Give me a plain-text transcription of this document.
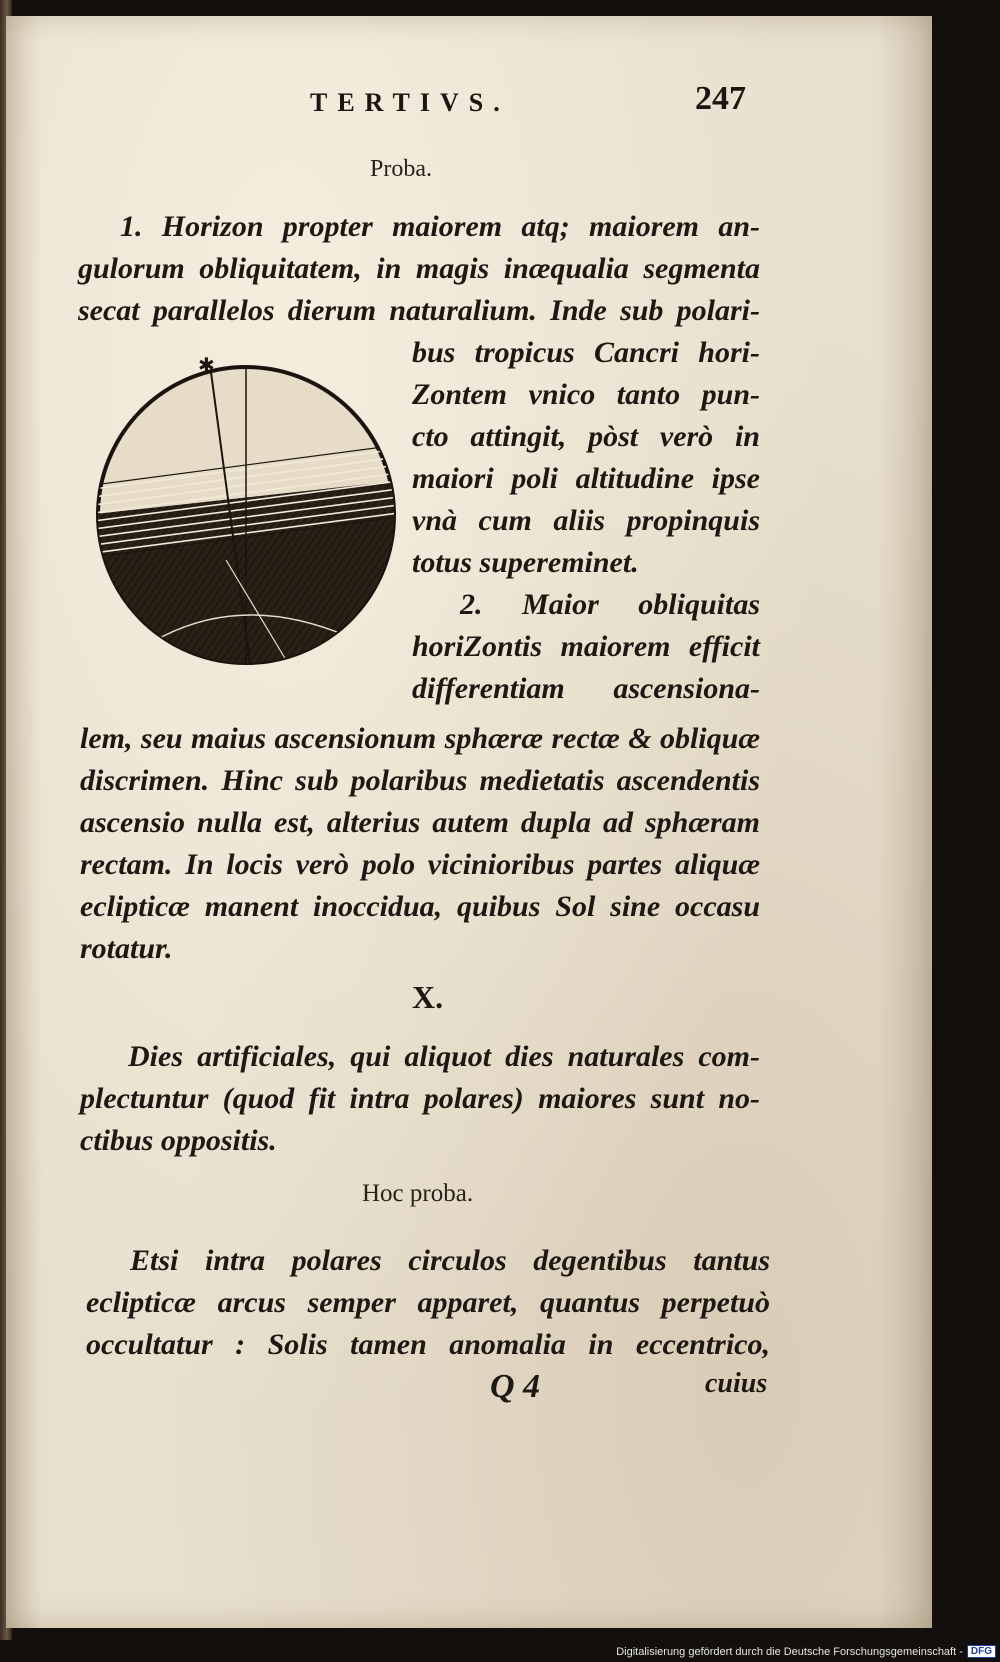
TERTIVS.	247
Proba.
1. Horizon propter maiorem atq; maiorem an-
gulorum obliquitatem, in magis inæqualia segmenta
secat parallelos dierum naturalium. Inde sub polari-
bus tropicus Cancri hori-
Zontem vnico tanto pun-
cto attingit, pòst verò in
maiori poli altitudine ipse
vnà cum aliis propinquis
totus supereminet.
2. Maior obliquitas
horiZontis maiorem efficit
differentiam ascensiona-
lem, seu maius ascensionum sphæræ rectæ & obliquæ
discrimen. Hinc sub polaribus medietatis ascendentis
ascensio nulla est, alterius autem dupla ad sphæram
rectam. In locis verò polo vicinioribus partes aliquæ
eclipticæ manent inoccidua, quibus Sol sine occasu
rotatur.
X.
Dies artificiales, qui aliquot dies naturales com-
plectuntur (quod fit intra polares) maiores sunt no-
ctibus oppositis.
Hoc proba.
Etsi intra polares circulos degentibus tantus
eclipticæ arcus semper apparet, quantus perpetuò
occultatur : Solis tamen anomalia in eccentrico,
Q 4	cuius
✱
Digitalisierung gefördert durch die Deutsche Forschungsgemeinschaft - DFG
